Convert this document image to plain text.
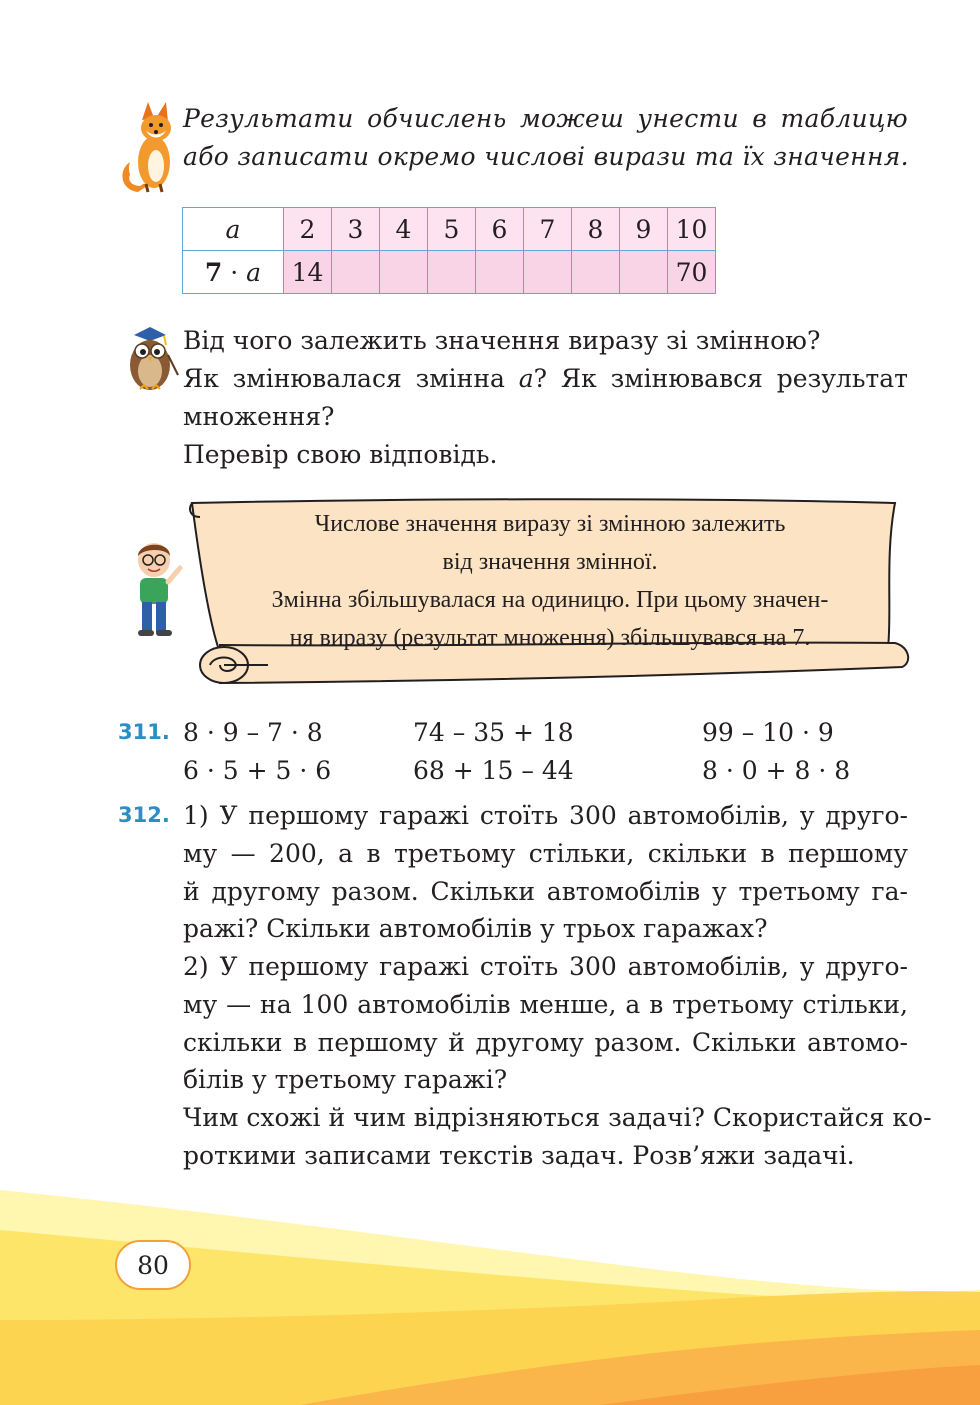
Результати обчислень можеш унести в таблицю
або записати окремо числові вирази та їх значення.
a	2	3	4	5	6	7	8	9	10
7 · a	14								70
Від чого залежить значення виразу зі змінною?
Як змінювалася змінна a? Як змінювався результат
множення?
Перевір свою відповідь.
Числове значення виразу зі змінною залежить
від значення змінної.
Змінна збільшувалася на одиницю. При цьому значен-
ня виразу (результат множення) збільшувався на 7.
311. 8 · 9 – 7 · 8	74 – 35 + 18	99 – 10 · 9
6 · 5 + 5 · 6	68 + 15 – 44	8 · 0 + 8 · 8
312. 1) У першому гаражі стоїть 300 автомобілів, у друго-
му — 200, а в третьому стільки, скільки в першому
й другому разом. Скільки автомобілів у третьому га-
ражі? Скільки автомобілів у трьох гаражах?
2) У першому гаражі стоїть 300 автомобілів, у друго-
му — на 100 автомобілів менше, а в третьому стільки,
скільки в першому й другому разом. Скільки автомо-
білів у третьому гаражі?
Чим схожі й чим відрізняються задачі? Скористайся ко-
роткими записами текстів задач. Розв’яжи задачі.
80
